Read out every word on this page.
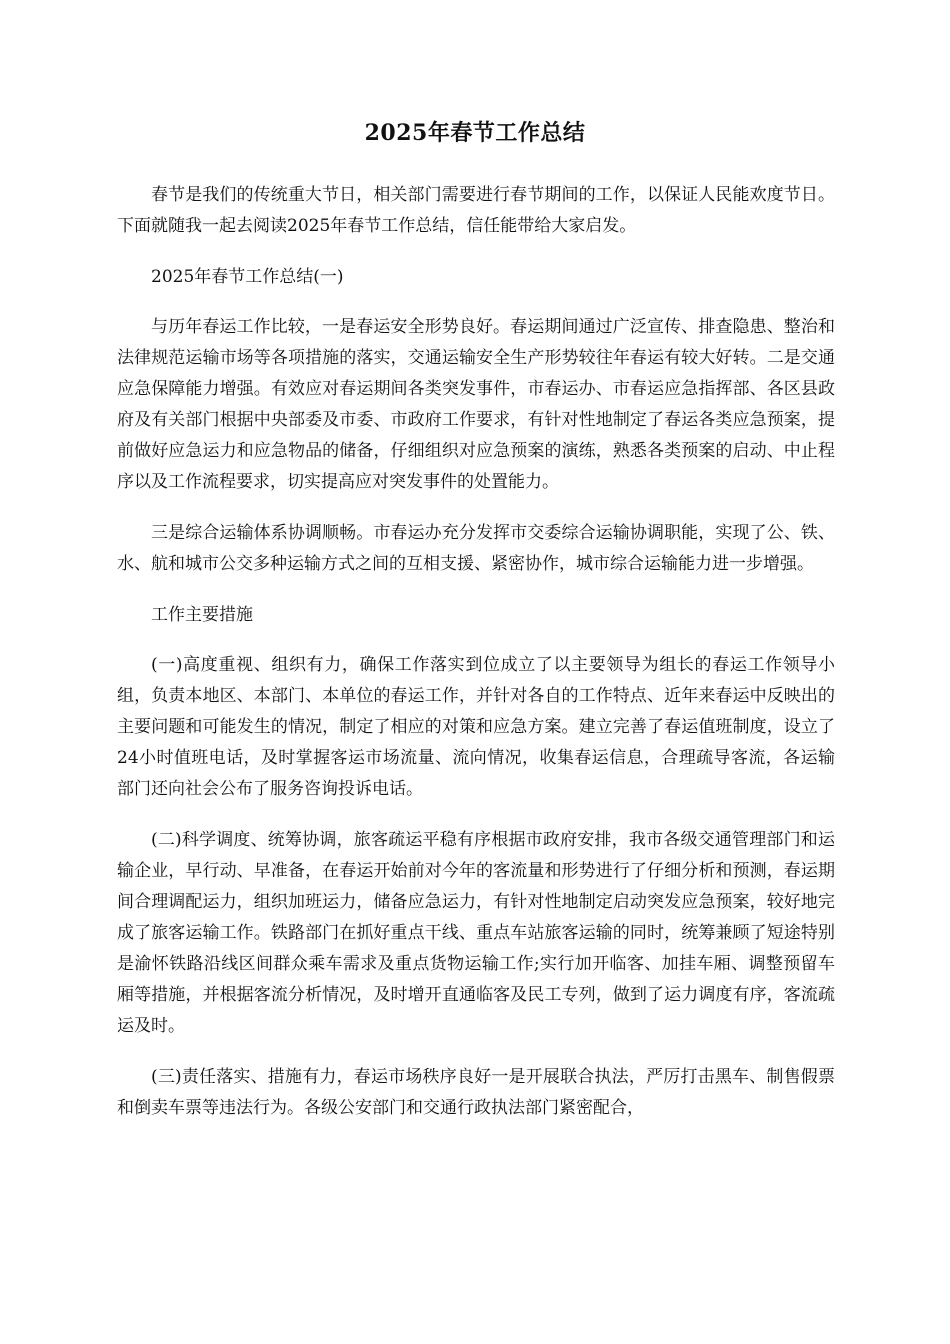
2025年春节工作总结

春节是我们的传统重大节日，相关部门需要进行春节期间的工作，以保证人民能欢度节日。下面就随我一起去阅读2025年春节工作总结，信任能带给大家启发。

2025年春节工作总结(一)

与历年春运工作比较，一是春运安全形势良好。春运期间通过广泛宣传、排查隐患、整治和法律规范运输市场等各项措施的落实，交通运输安全生产形势较往年春运有较大好转。二是交通应急保障能力增强。有效应对春运期间各类突发事件，市春运办、市春运应急指挥部、各区县政府及有关部门根据中央部委及市委、市政府工作要求，有针对性地制定了春运各类应急预案，提前做好应急运力和应急物品的储备，仔细组织对应急预案的演练，熟悉各类预案的启动、中止程序以及工作流程要求，切实提高应对突发事件的处置能力。

三是综合运输体系协调顺畅。市春运办充分发挥市交委综合运输协调职能，实现了公、铁、水、航和城市公交多种运输方式之间的互相支援、紧密协作，城市综合运输能力进一步增强。

工作主要措施

(一)高度重视、组织有力，确保工作落实到位成立了以主要领导为组长的春运工作领导小组，负责本地区、本部门、本单位的春运工作，并针对各自的工作特点、近年来春运中反映出的主要问题和可能发生的情况，制定了相应的对策和应急方案。建立完善了春运值班制度，设立了24小时值班电话，及时掌握客运市场流量、流向情况，收集春运信息，合理疏导客流，各运输部门还向社会公布了服务咨询投诉电话。

(二)科学调度、统筹协调，旅客疏运平稳有序根据市政府安排，我市各级交通管理部门和运输企业，早行动、早准备，在春运开始前对今年的客流量和形势进行了仔细分析和预测，春运期间合理调配运力，组织加班运力，储备应急运力，有针对性地制定启动突发应急预案，较好地完成了旅客运输工作。铁路部门在抓好重点干线、重点车站旅客运输的同时，统筹兼顾了短途特别是渝怀铁路沿线区间群众乘车需求及重点货物运输工作;实行加开临客、加挂车厢、调整预留车厢等措施，并根据客流分析情况，及时增开直通临客及民工专列，做到了运力调度有序，客流疏运及时。

(三)责任落实、措施有力，春运市场秩序良好一是开展联合执法，严厉打击黑车、制售假票和倒卖车票等违法行为。各级公安部门和交通行政执法部门紧密配合，
